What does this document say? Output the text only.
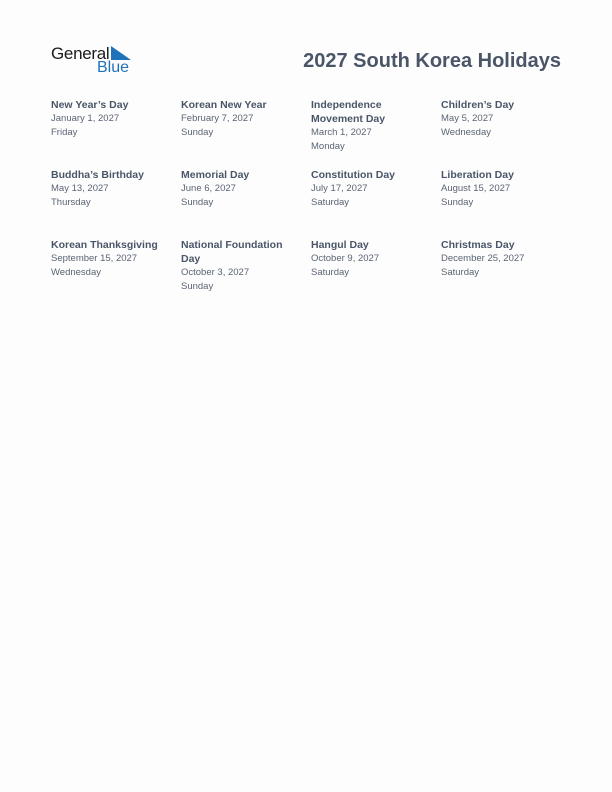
General
Blue	2027 South Korea Holidays
New Year’s Day
January 1, 2027
Friday
Korean New Year
February 7, 2027
Sunday
Independence Movement Day
March 1, 2027
Monday
Children’s Day
May 5, 2027
Wednesday
Buddha’s Birthday
May 13, 2027
Thursday
Memorial Day
June 6, 2027
Sunday
Constitution Day
July 17, 2027
Saturday
Liberation Day
August 15, 2027
Sunday
Korean Thanksgiving
September 15, 2027
Wednesday
National Foundation Day
October 3, 2027
Sunday
Hangul Day
October 9, 2027
Saturday
Christmas Day
December 25, 2027
Saturday
